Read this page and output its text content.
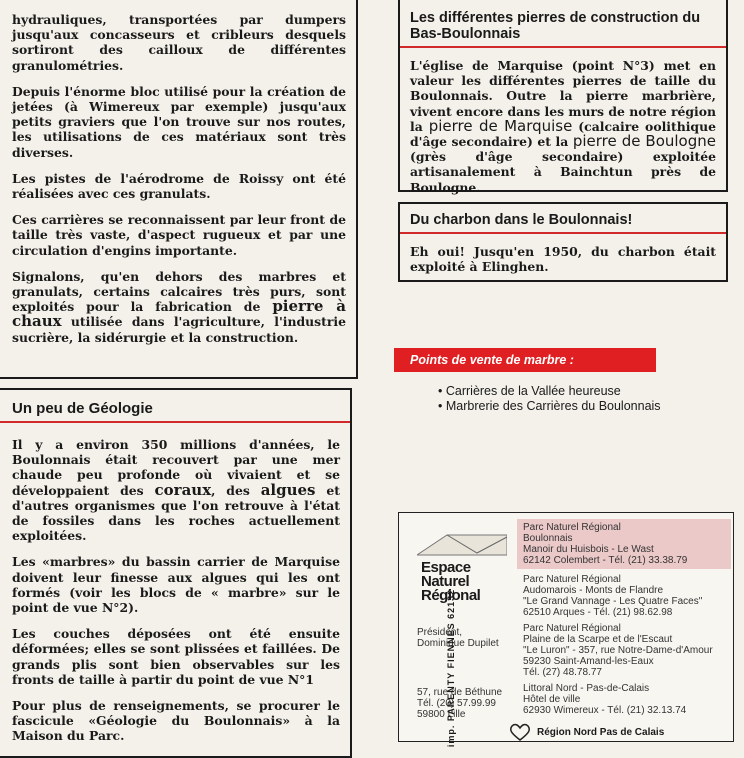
hydrauliques, transportées par dumpers jusqu'aux concasseurs et cribleurs desquels sortiront des cailloux de différentes granulométries.

Depuis l'énorme bloc utilisé pour la création de jetées (à Wimereux par exemple) jusqu'aux petits graviers que l'on trouve sur nos routes, les utilisations de ces matériaux sont très diverses.

Les pistes de l'aérodrome de Roissy ont été réalisées avec ces granulats.

Ces carrières se reconnaissent par leur front de taille très vaste, d'aspect rugueux et par une circulation d'engins importante.

Signalons, qu'en dehors des marbres et granulats, certains calcaires très purs, sont exploités pour la fabrication de pierre à chaux utilisée dans l'agriculture, l'industrie sucrière, la sidérurgie et la construction.

Un peu de Géologie

Il y a environ 350 millions d'années, le Boulonnais était recouvert par une mer chaude peu profonde où vivaient et se développaient des coraux, des algues et d'autres organismes que l'on retrouve à l'état de fossiles dans les roches actuellement exploitées.

Les «marbres» du bassin carrier de Marquise doivent leur finesse aux algues qui les ont formés (voir les blocs de « marbre» sur le point de vue N°2).

Les couches déposées ont été ensuite déformées; elles se sont plissées et faillées. De grands plis sont bien observables sur les fronts de taille à partir du point de vue N°1

Pour plus de renseignements, se procurer le fascicule «Géologie du Boulonnais» à la Maison du Parc.

Les différentes pierres de construction du Bas-Boulonnais

L'église de Marquise (point N°3) met en valeur les différentes pierres de taille du Boulonnais. Outre la pierre marbrière, vivent encore dans les murs de notre région la pierre de Marquise (calcaire oolithique d'âge secondaire) et la pierre de Boulogne (grès d'âge secondaire) exploitée artisanalement à Bainchtun près de Boulogne.

Du charbon dans le Boulonnais!

Eh oui! Jusqu'en 1950, du charbon était exploité à Elinghen.

Points de vente de marbre :
• Carrières de la Vallée heureuse
• Marbrerie des Carrières du Boulonnais
Espace
Naturel
Régional
Président,
Dominique Dupilet
57, rue de Béthune
Tél. (20) 57.99.99
59800 Lille
imp. PARENTY FIENNES 62132
Parc Naturel Régional
Boulonnais
Manoir du Huisbois - Le Wast
62142 Colembert - Tél. (21) 33.38.79
Parc Naturel Régional
Audomarois - Monts de Flandre
"Le Grand Vannage - Les Quatre Faces"
62510 Arques - Tél. (21) 98.62.98
Parc Naturel Régional
Plaine de la Scarpe et de l'Escaut
"Le Luron" - 357, rue Notre-Dame-d'Amour
59230 Saint-Amand-les-Eaux
Tél. (27) 48.78.77
Littoral Nord - Pas-de-Calais
Hôtel de ville
62930 Wimereux - Tél. (21) 32.13.74
Région Nord Pas de Calais
